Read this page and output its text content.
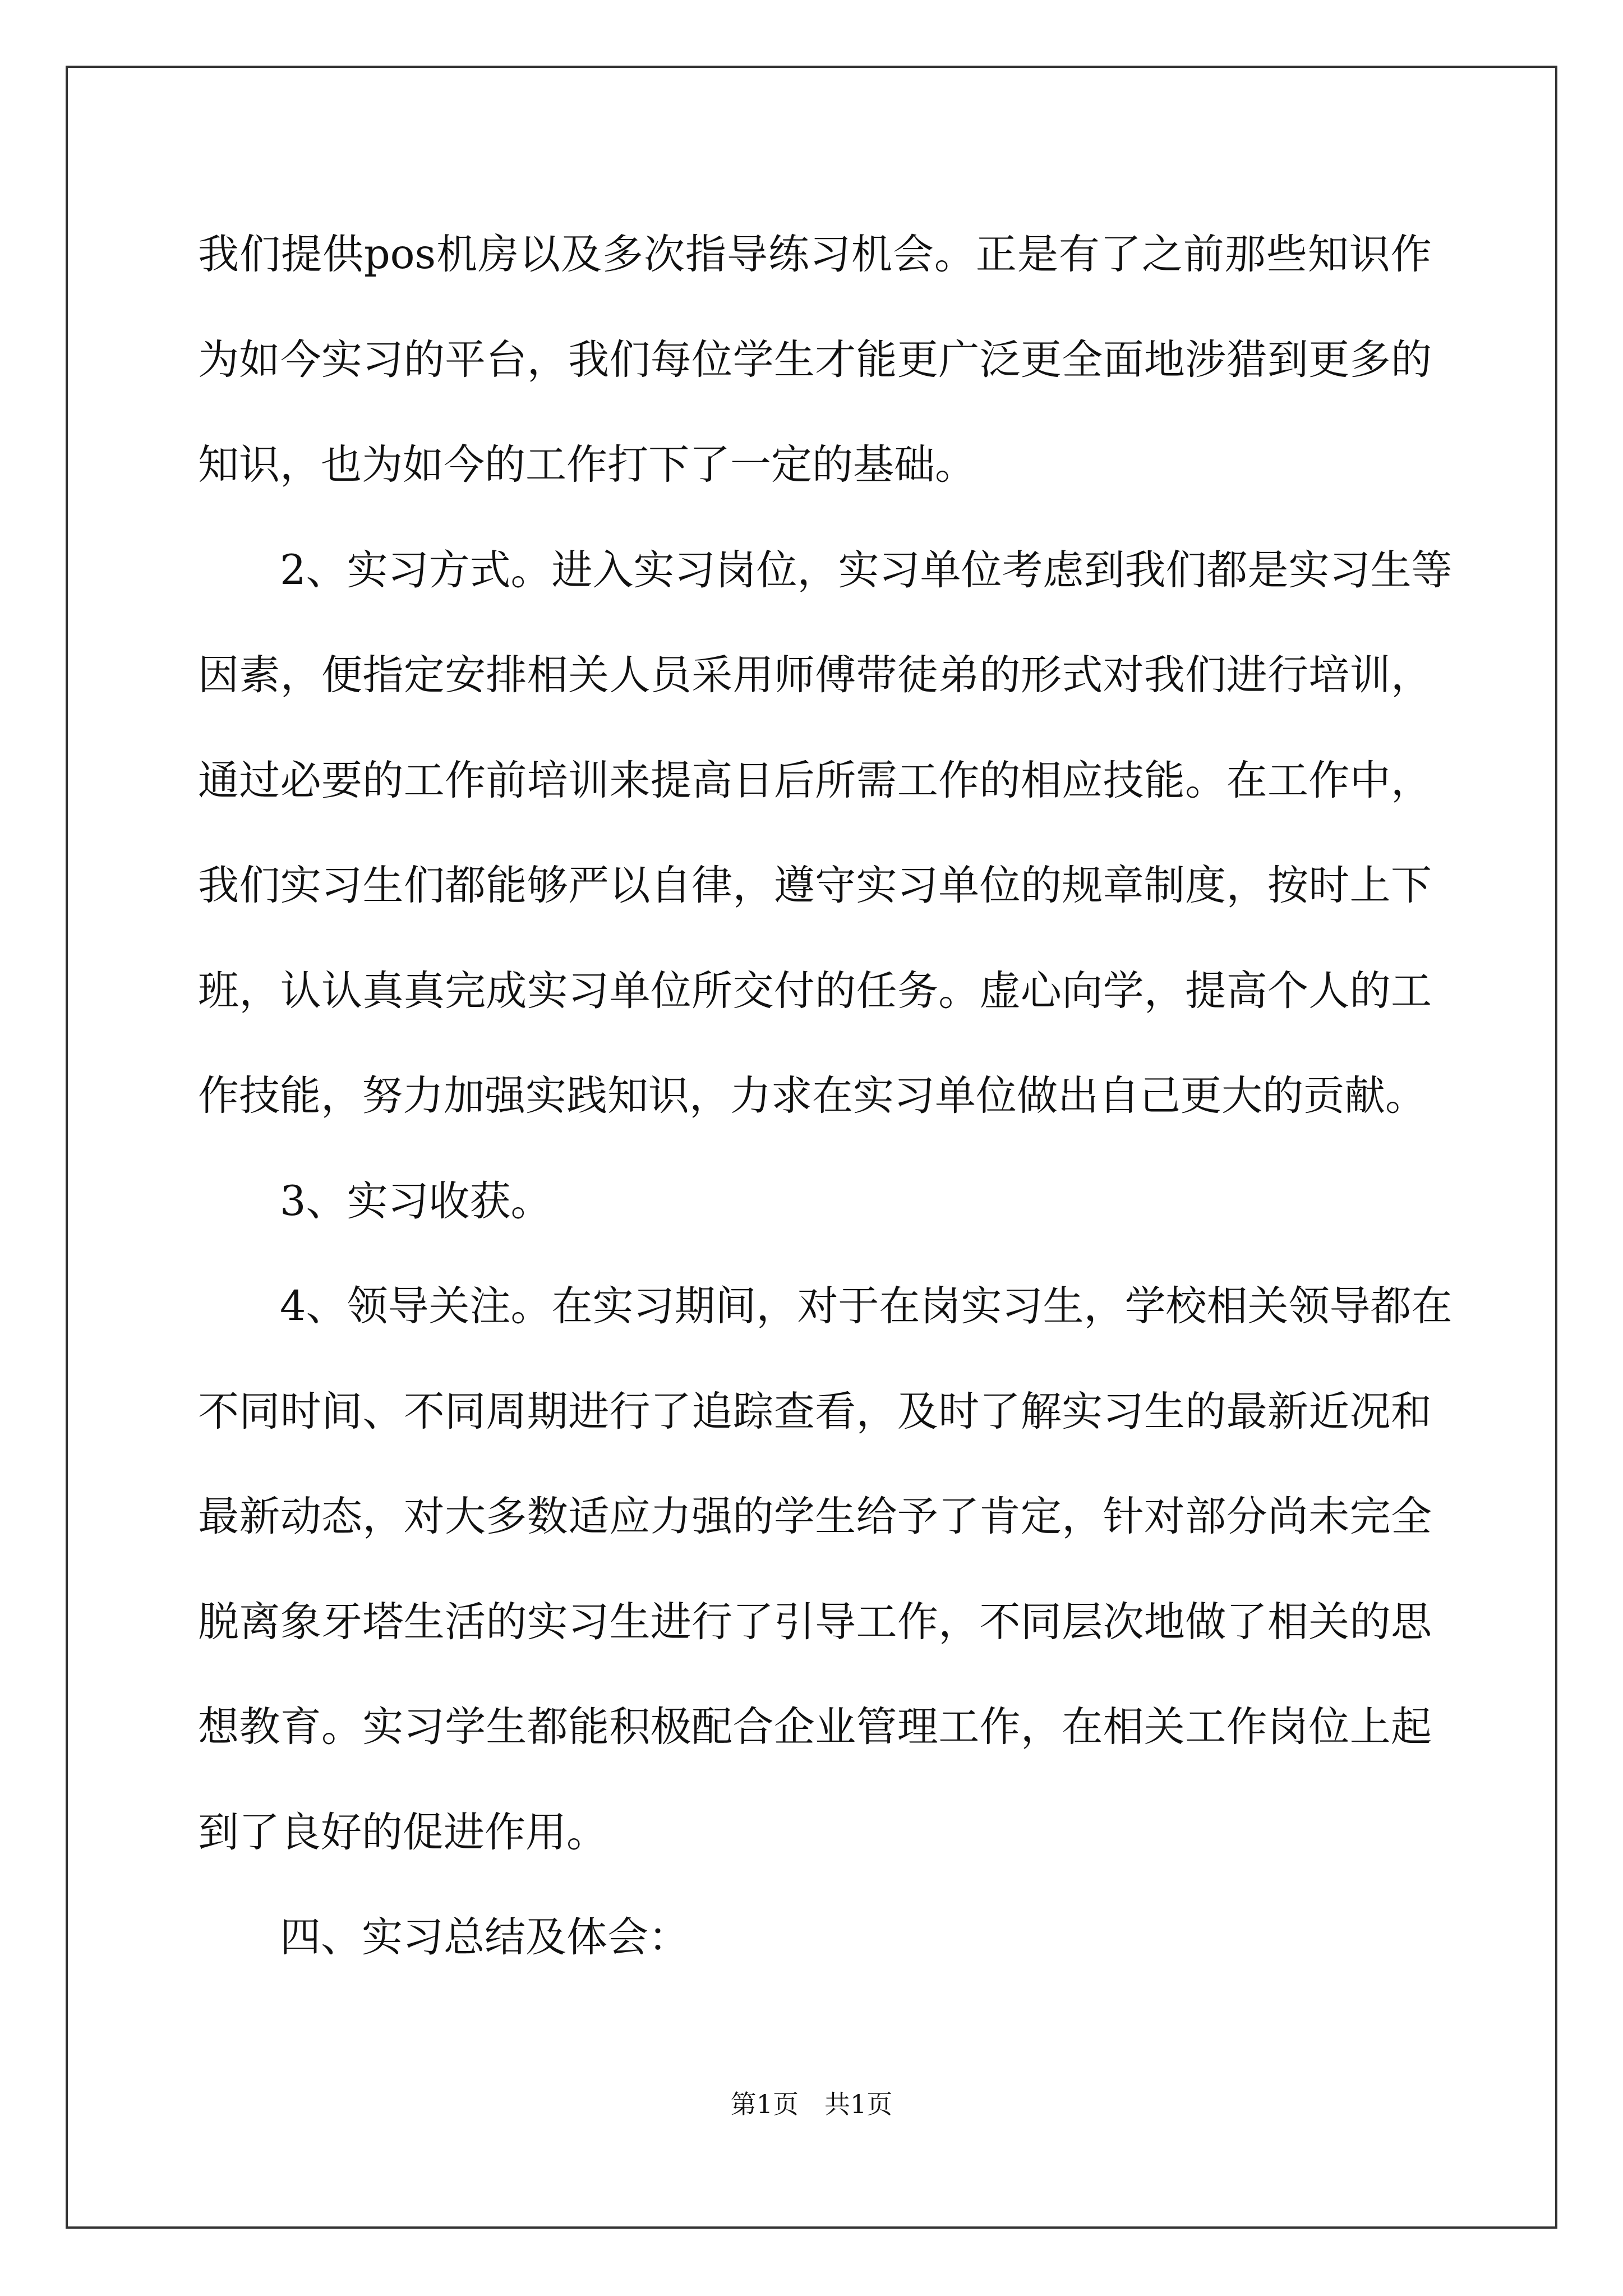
我 们 提 供 pos 机 房 以 及 多 次 指 导 练 习 机 会 。 正 是 有 了 之 前 那 些 知 识 作
为 如 今 实 习 的 平 台 ， 我 们 每 位 学 生 才 能 更 广 泛 更 全 面 地 涉 猎 到 更 多 的
知识，也为如今的工作打下了一定的基础。
2 、 实 习 方 式 。 进 入 实 习 岗 位 ， 实 习 单 位 考 虑 到 我 们 都 是 实 习 生 等
因 素 ， 便 指 定 安 排 相 关 人 员 采 用 师 傅 带 徒 弟 的 形 式 对 我 们 进 行 培 训 ，
通 过 必 要 的 工 作 前 培 训 来 提 高 日 后 所 需 工 作 的 相 应 技 能 。 在 工 作 中 ，
我 们 实 习 生 们 都 能 够 严 以 自 律 ， 遵 守 实 习 单 位 的 规 章 制 度 ， 按 时 上 下
班 ， 认 认 真 真 完 成 实 习 单 位 所 交 付 的 任 务 。 虚 心 向 学 ， 提 高 个 人 的 工
作技能，努力加强实践知识，力求在实习单位做出自己更大的贡献。
3、实习收获。
4 、 领 导 关 注 。 在 实 习 期 间 ， 对 于 在 岗 实 习 生 ， 学 校 相 关 领 导 都 在
不 同 时 间 、 不 同 周 期 进 行 了 追 踪 查 看 ， 及 时 了 解 实 习 生 的 最 新 近 况 和
最 新 动 态 ， 对 大 多 数 适 应 力 强 的 学 生 给 予 了 肯 定 ， 针 对 部 分 尚 未 完 全
脱 离 象 牙 塔 生 活 的 实 习 生 进 行 了 引 导 工 作 ， 不 同 层 次 地 做 了 相 关 的 思
想 教 育 。 实 习 学 生 都 能 积 极 配 合 企 业 管 理 工 作 ， 在 相 关 工 作 岗 位 上 起
到了良好的促进作用。
四、实习总结及体会：
第1页　共1页
